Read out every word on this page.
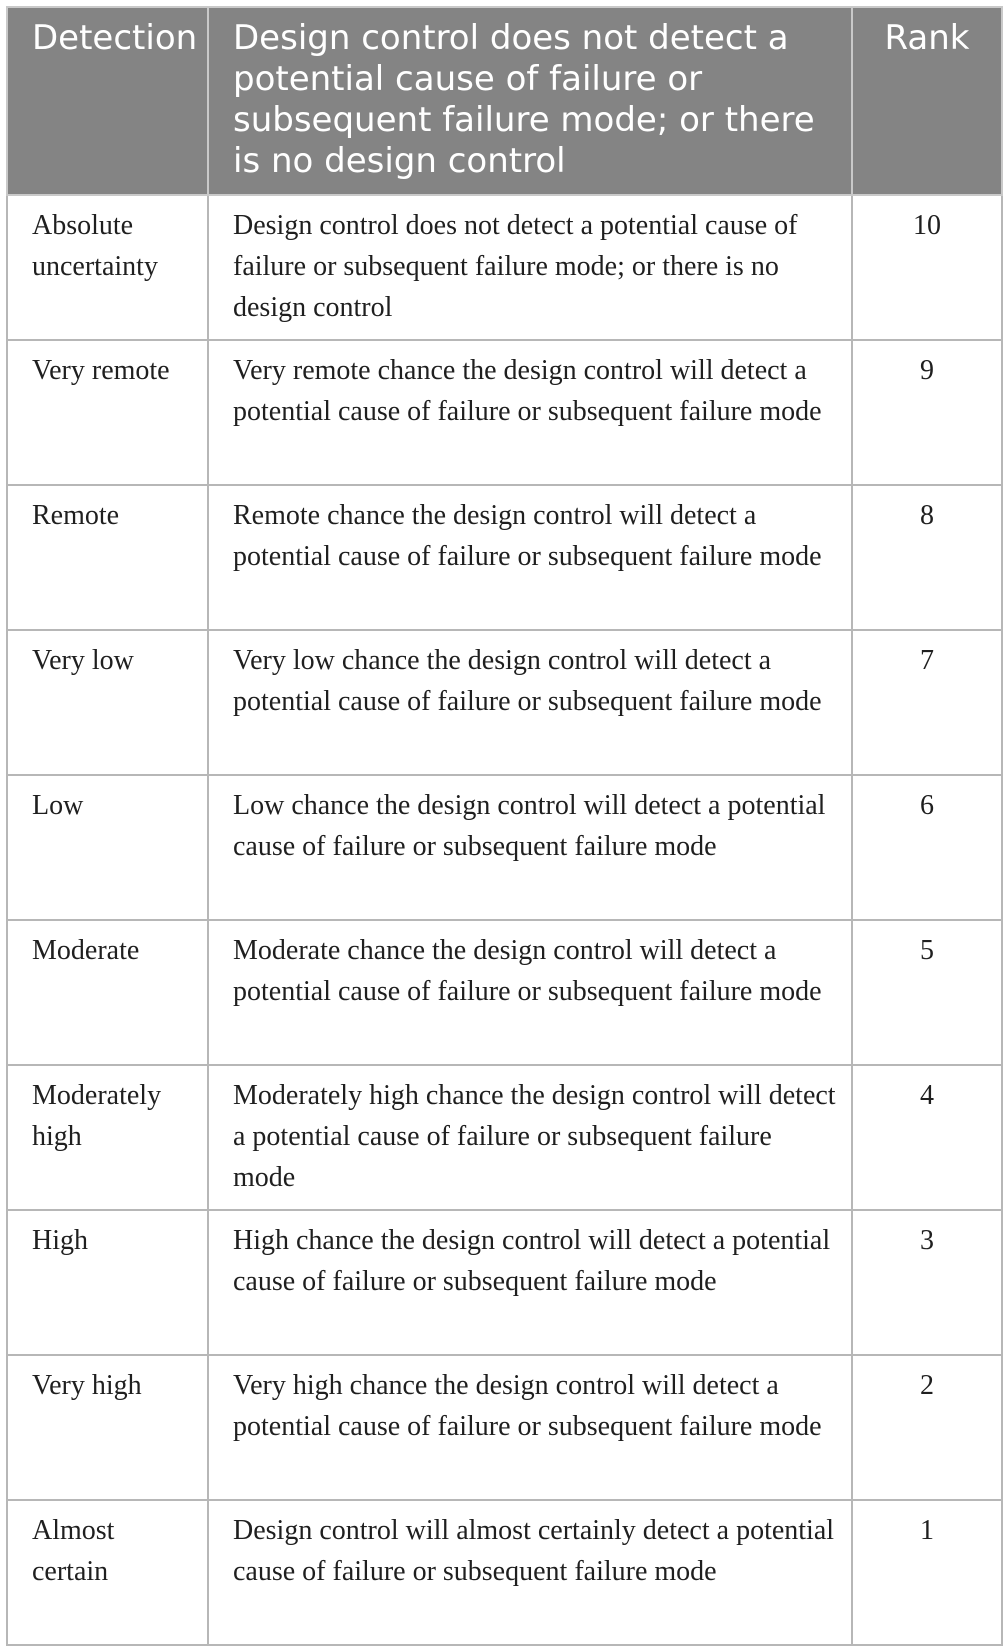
Detection	Design control does not detect a potential cause of failure or subsequent failure mode; or there is no design control	Rank
Absolute uncertainty	Design control does not detect a potential cause of failure or subsequent failure mode; or there is no design control	10
Very remote	Very remote chance the design control will detect a potential cause of failure or subsequent failure mode	9
Remote	Remote chance the design control will detect a potential cause of failure or subsequent failure mode	8
Very low	Very low chance the design control will detect a potential cause of failure or subsequent failure mode	7
Low	Low chance the design control will detect a potential cause of failure or subsequent failure mode	6
Moderate	Moderate chance the design control will detect a potential cause of failure or subsequent failure mode	5
Moderately high	Moderately high chance the design control will detect a potential cause of failure or subsequent failure mode	4
High	High chance the design control will detect a potential cause of failure or subsequent failure mode	3
Very high	Very high chance the design control will detect a potential cause of failure or subsequent failure mode	2
Almost certain	Design control will almost certainly detect a potential cause of failure or subsequent failure mode	1
